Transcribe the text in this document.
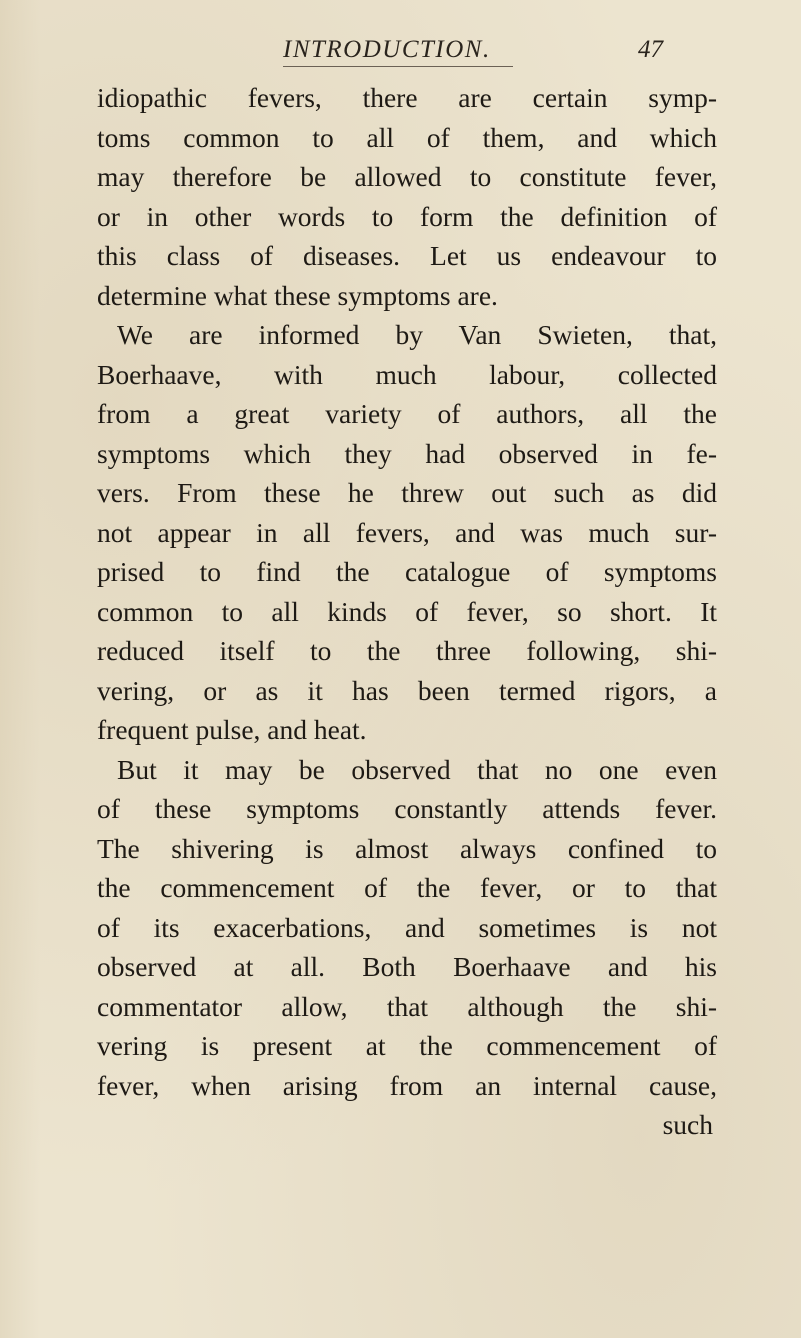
INTRODUCTION.	47
idiopathic fevers, there are certain symp-
toms common to all of them, and which
may therefore be allowed to constitute fever,
or in other words to form the definition of
this class of diseases. Let us endeavour to
determine what these symptoms are.
We are informed by Van Swieten, that,
Boerhaave, with much labour, collected
from a great variety of authors, all the
symptoms which they had observed in fe-
vers. From these he threw out such as did
not appear in all fevers, and was much sur-
prised to find the catalogue of symptoms
common to all kinds of fever, so short. It
reduced itself to the three following, shi-
vering, or as it has been termed rigors, a
frequent pulse, and heat.
But it may be observed that no one even
of these symptoms constantly attends fever.
The shivering is almost always confined to
the commencement of the fever, or to that
of its exacerbations, and sometimes is not
observed at all. Both Boerhaave and his
commentator allow, that although the shi-
vering is present at the commencement of
fever, when arising from an internal cause,
such
